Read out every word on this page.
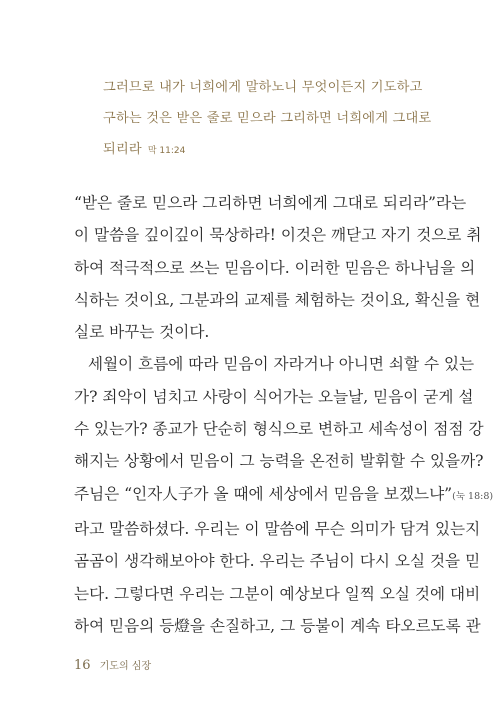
그러므로 내가 너희에게 말하노니 무엇이든지 기도하고
구하는 것은 받은 줄로 믿으라 그리하면 너희에게 그대로
되리라 막 11:24
“받은 줄로 믿으라 그리하면 너희에게 그대로 되리라”라는
이 말씀을 깊이깊이 묵상하라! 이것은 깨닫고 자기 것으로 취
하여 적극적으로 쓰는 믿음이다. 이러한 믿음은 하나님을 의
식하는 것이요, 그분과의 교제를 체험하는 것이요, 확신을 현
실로 바꾸는 것이다.
세월이 흐름에 따라 믿음이 자라거나 아니면 쇠할 수 있는
가? 죄악이 넘치고 사랑이 식어가는 오늘날, 믿음이 굳게 설
수 있는가? 종교가 단순히 형식으로 변하고 세속성이 점점 강
해지는 상황에서 믿음이 그 능력을 온전히 발휘할 수 있을까?
주님은 “인자人子가 올 때에 세상에서 믿음을 보겠느냐”(눅 18:8)
라고 말씀하셨다. 우리는 이 말씀에 무슨 의미가 담겨 있는지
곰곰이 생각해보아야 한다. 우리는 주님이 다시 오실 것을 믿
는다. 그렇다면 우리는 그분이 예상보다 일찍 오실 것에 대비
하여 믿음의 등燈을 손질하고, 그 등불이 계속 타오르도록 관
16 기도의 심장
